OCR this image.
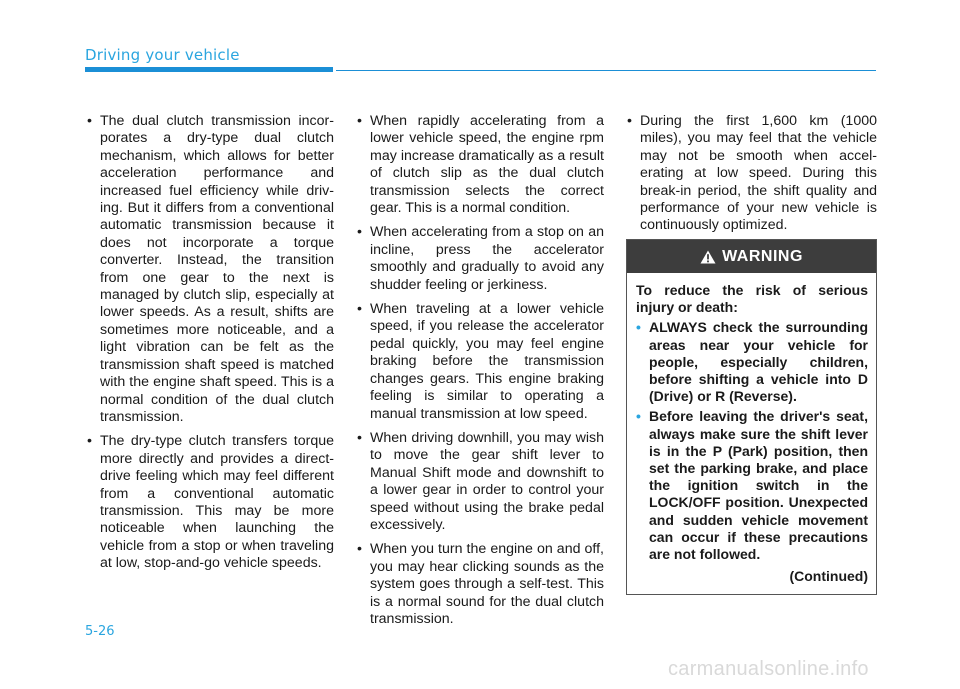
Driving your vehicle
• The dual clutch transmission incorporates a dry-type dual clutch mechanism, which allows for better acceleration performance and increased fuel efficiency while driving. But it differs from a conventional automatic transmission because it does not incorporate a torque converter. Instead, the transition from one gear to the next is managed by clutch slip, especially at lower speeds. As a result, shifts are sometimes more noticeable, and a light vibration can be felt as the transmission shaft speed is matched with the engine shaft speed. This is a normal condition of the dual clutch transmission.
• The dry-type clutch transfers torque more directly and provides a direct-drive feeling which may feel different from a conventional automatic transmission. This may be more noticeable when launching the vehicle from a stop or when traveling at low, stop-and-go vehicle speeds.
• When rapidly accelerating from a lower vehicle speed, the engine rpm may increase dramatically as a result of clutch slip as the dual clutch transmission selects the correct gear. This is a normal condition.
• When accelerating from a stop on an incline, press the accelerator smoothly and gradually to avoid any shudder feeling or jerkiness.
• When traveling at a lower vehicle speed, if you release the accelerator pedal quickly, you may feel engine braking before the transmission changes gears. This engine braking feeling is similar to operating a manual transmission at low speed.
• When driving downhill, you may wish to move the gear shift lever to Manual Shift mode and downshift to a lower gear in order to control your speed without using the brake pedal excessively.
• When you turn the engine on and off, you may hear clicking sounds as the system goes through a self-test. This is a normal sound for the dual clutch transmission.
• During the first 1,600 km (1000 miles), you may feel that the vehicle may not be smooth when accelerating at low speed. During this break-in period, the shift quality and performance of your new vehicle is continuously optimized.
WARNING
To reduce the risk of serious injury or death:
• ALWAYS check the surrounding areas near your vehicle for people, especially children, before shifting a vehicle into D (Drive) or R (Reverse).
• Before leaving the driver's seat, always make sure the shift lever is in the P (Park) position, then set the parking brake, and place the ignition switch in the LOCK/OFF position. Unexpected and sudden vehicle movement can occur if these precautions are not followed.
(Continued)
5-26
carmanualsonline.info
